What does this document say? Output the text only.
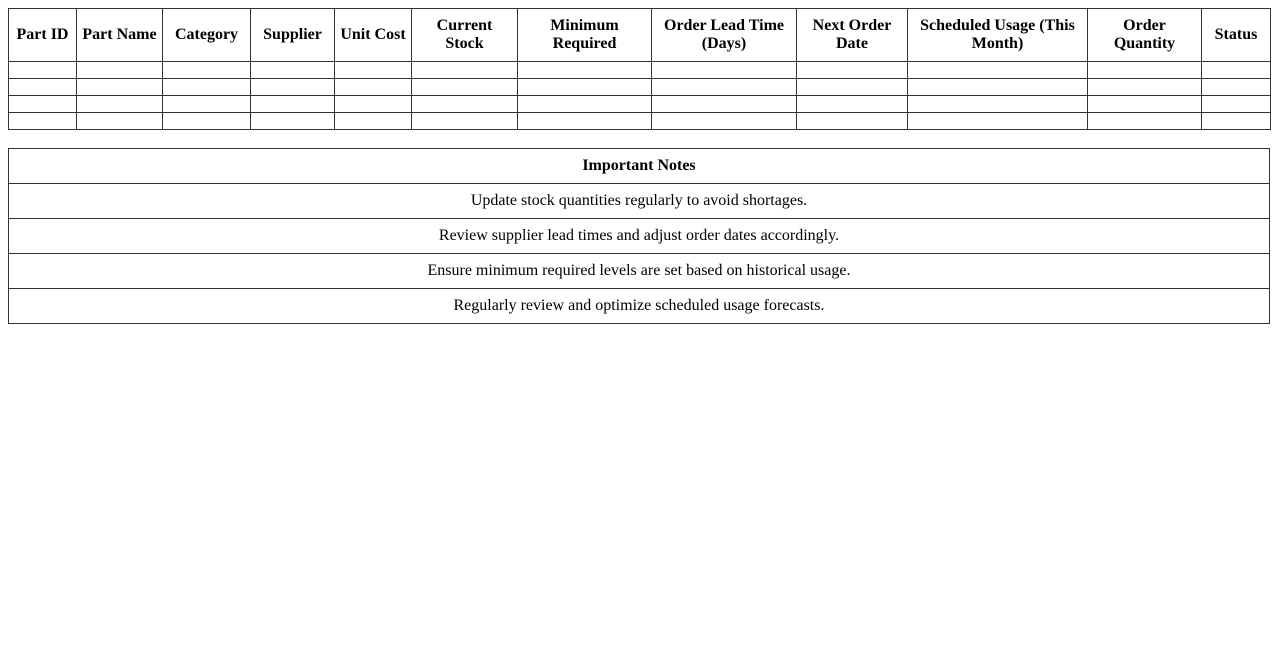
Part ID	Part Name	Category	Supplier	Unit Cost	Current Stock	Minimum Required	Order Lead Time (Days)	Next Order Date	Scheduled Usage (This Month)	Order Quantity	Status

Important Notes
Update stock quantities regularly to avoid shortages.
Review supplier lead times and adjust order dates accordingly.
Ensure minimum required levels are set based on historical usage.
Regularly review and optimize scheduled usage forecasts.
